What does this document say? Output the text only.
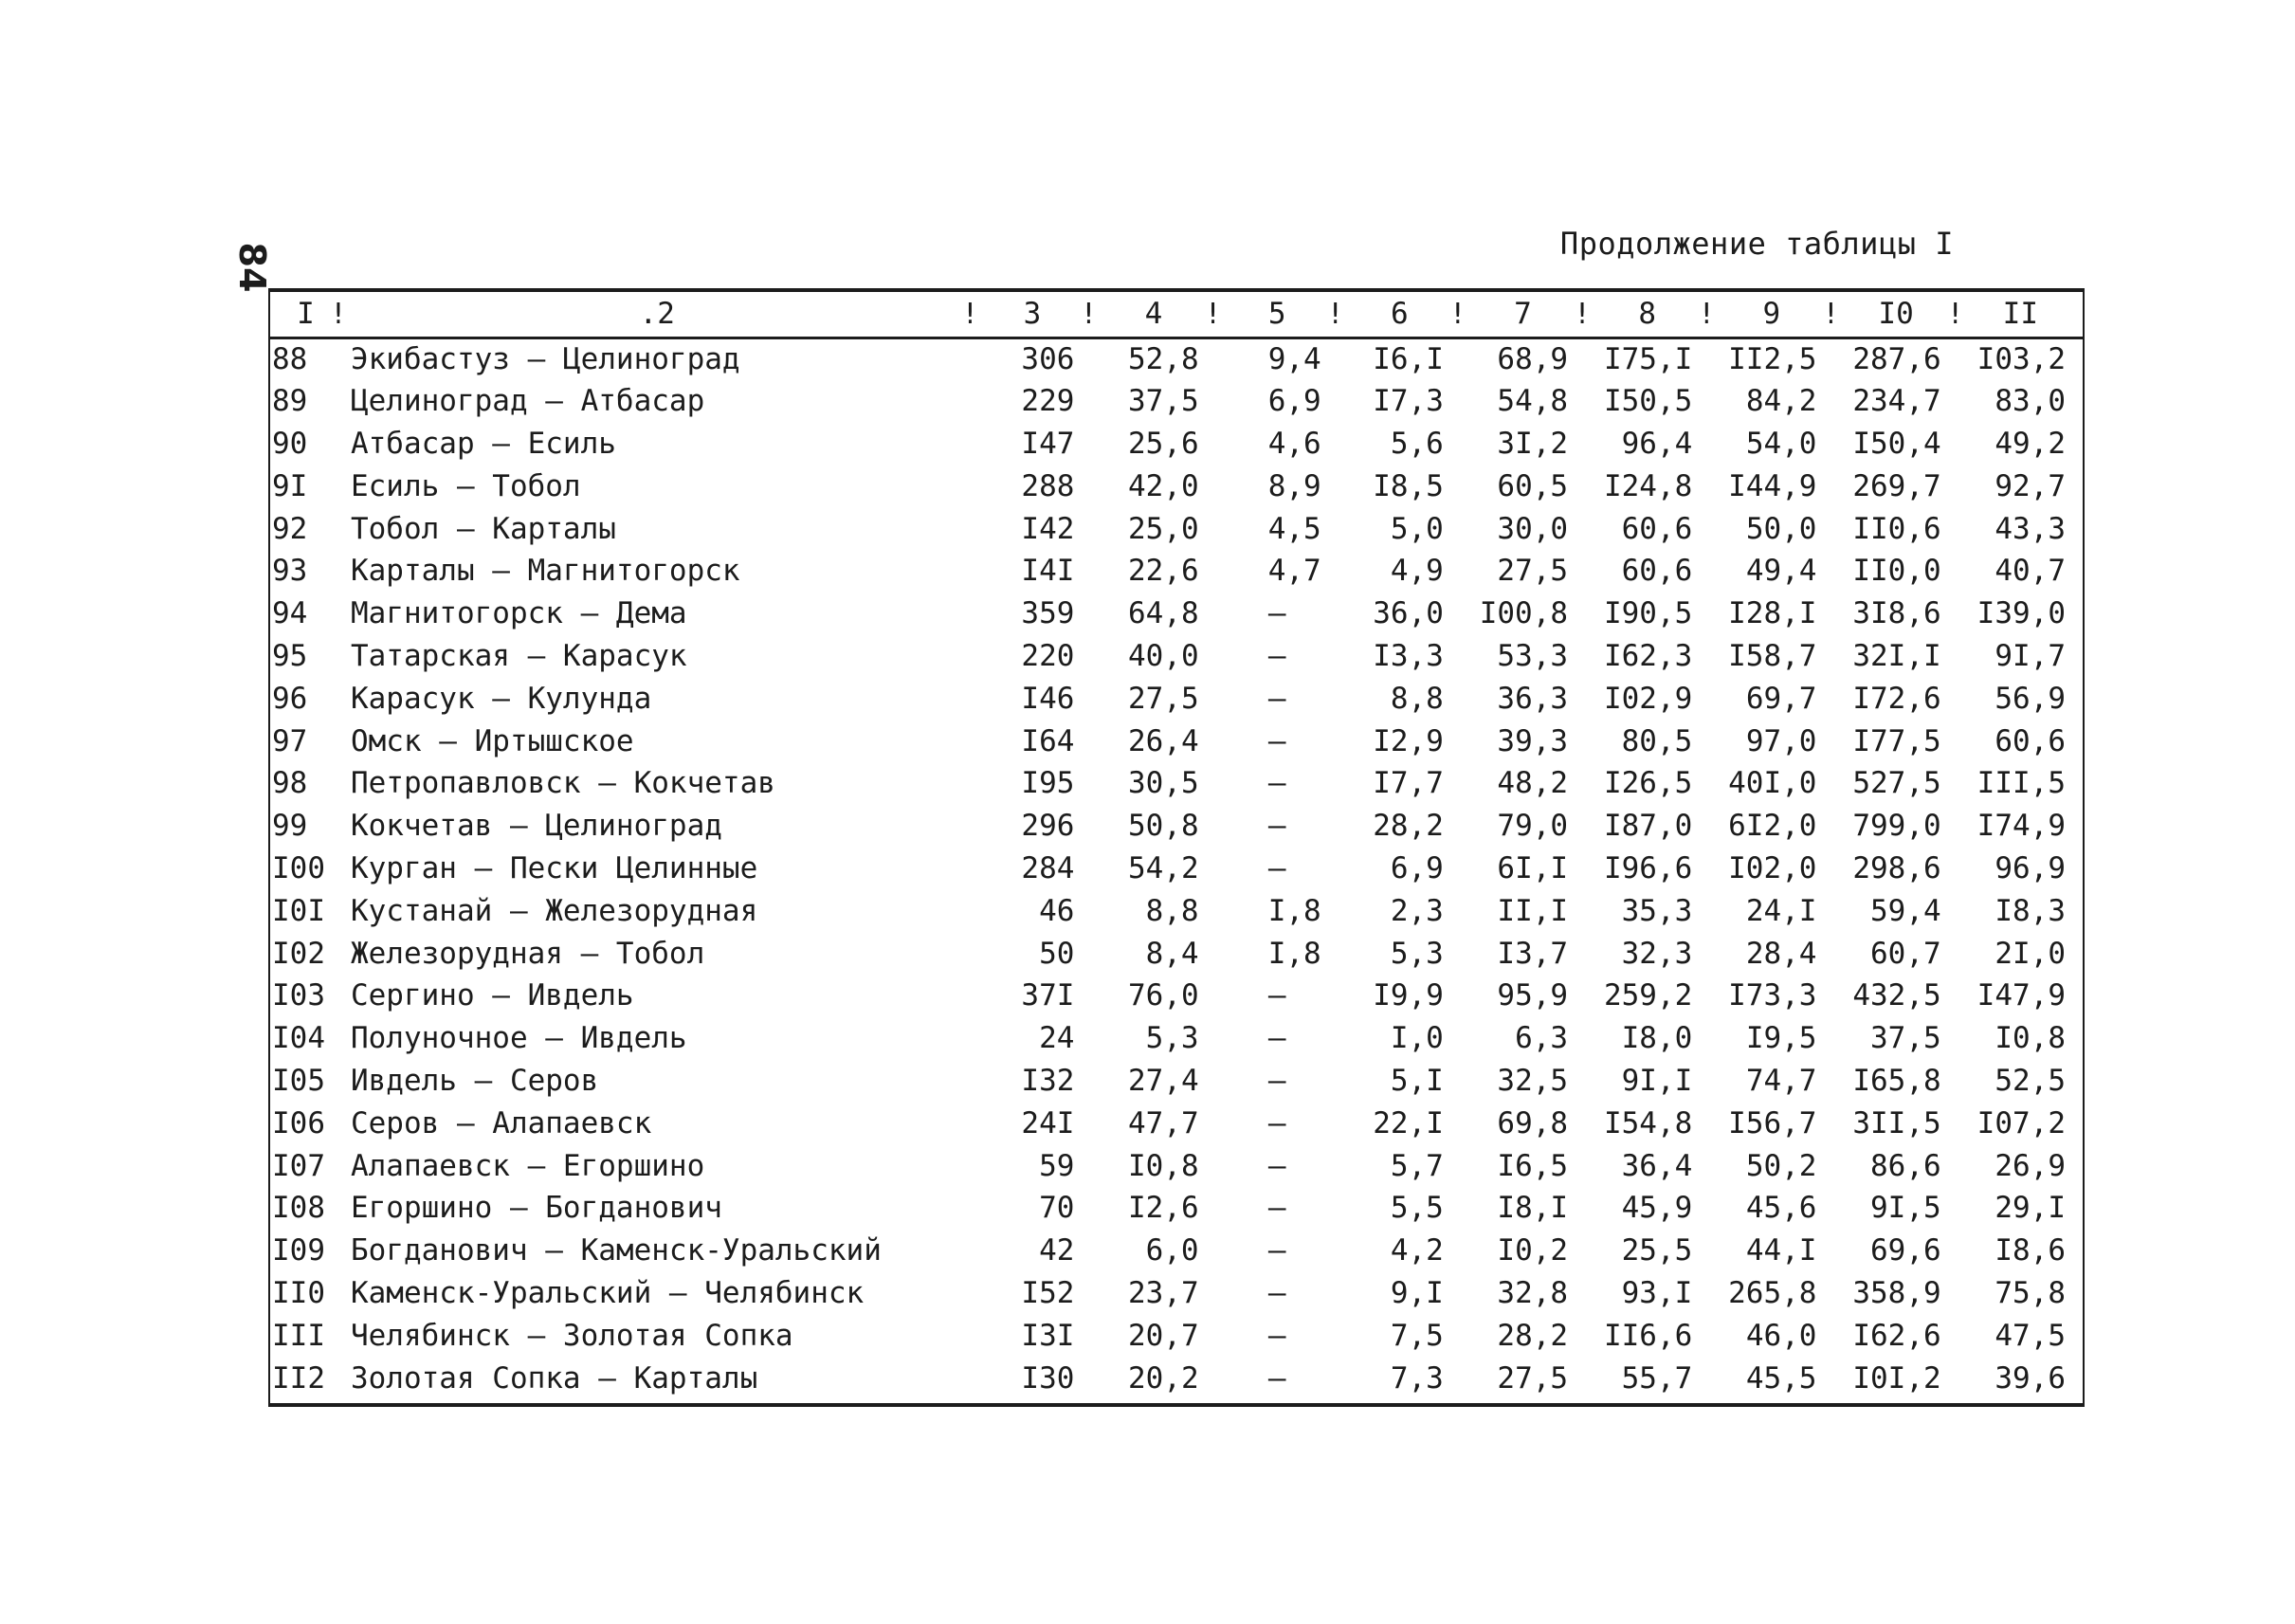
84	Продолжение таблицы I
I !	.2 !	3 !	4 !	5 !	6 !	7 !	8 !	9 !	I0 !	II
88	Экибастуз – Целиноград	306	52,8	9,4	I6,I	68,9	I75,I	II2,5	287,6	I03,2
89	Целиноград – Атбасар	229	37,5	6,9	I7,3	54,8	I50,5	84,2	234,7	83,0
90	Атбасар – Есиль	I47	25,6	4,6	5,6	3I,2	96,4	54,0	I50,4	49,2
9I	Есиль – Тобол	288	42,0	8,9	I8,5	60,5	I24,8	I44,9	269,7	92,7
92	Тобол – Карталы	I42	25,0	4,5	5,0	30,0	60,6	50,0	II0,6	43,3
93	Карталы – Магнитогорск	I4I	22,6	4,7	4,9	27,5	60,6	49,4	II0,0	40,7
94	Магнитогорск – Дема	359	64,8	–	36,0	I00,8	I90,5	I28,I	3I8,6	I39,0
95	Татарская – Карасук	220	40,0	–	I3,3	53,3	I62,3	I58,7	32I,I	9I,7
96	Карасук – Кулунда	I46	27,5	–	8,8	36,3	I02,9	69,7	I72,6	56,9
97	Омск – Иртышское	I64	26,4	–	I2,9	39,3	80,5	97,0	I77,5	60,6
98	Петропавловск – Кокчетав	I95	30,5	–	I7,7	48,2	I26,5	40I,0	527,5	III,5
99	Кокчетав – Целиноград	296	50,8	–	28,2	79,0	I87,0	6I2,0	799,0	I74,9
I00	Курган – Пески Целинные	284	54,2	–	6,9	6I,I	I96,6	I02,0	298,6	96,9
I0I	Кустанай – Железорудная	46	8,8	I,8	2,3	II,I	35,3	24,I	59,4	I8,3
I02	Железорудная – Тобол	50	8,4	I,8	5,3	I3,7	32,3	28,4	60,7	2I,0
I03	Сергино – Ивдель	37I	76,0	–	I9,9	95,9	259,2	I73,3	432,5	I47,9
I04	Полуночное – Ивдель	24	5,3	–	I,0	6,3	I8,0	I9,5	37,5	I0,8
I05	Ивдель – Серов	I32	27,4	–	5,I	32,5	9I,I	74,7	I65,8	52,5
I06	Серов – Алапаевск	24I	47,7	–	22,I	69,8	I54,8	I56,7	3II,5	I07,2
I07	Алапаевск – Егоршино	59	I0,8	–	5,7	I6,5	36,4	50,2	86,6	26,9
I08	Егоршино – Богданович	70	I2,6	–	5,5	I8,I	45,9	45,6	9I,5	29,I
I09	Богданович – Каменск-Уральский	42	6,0	–	4,2	I0,2	25,5	44,I	69,6	I8,6
II0	Каменск-Уральский – Челябинск	I52	23,7	–	9,I	32,8	93,I	265,8	358,9	75,8
III	Челябинск – Золотая Сопка	I3I	20,7	–	7,5	28,2	II6,6	46,0	I62,6	47,5
II2	Золотая Сопка – Карталы	I30	20,2	–	7,3	27,5	55,7	45,5	I0I,2	39,6
